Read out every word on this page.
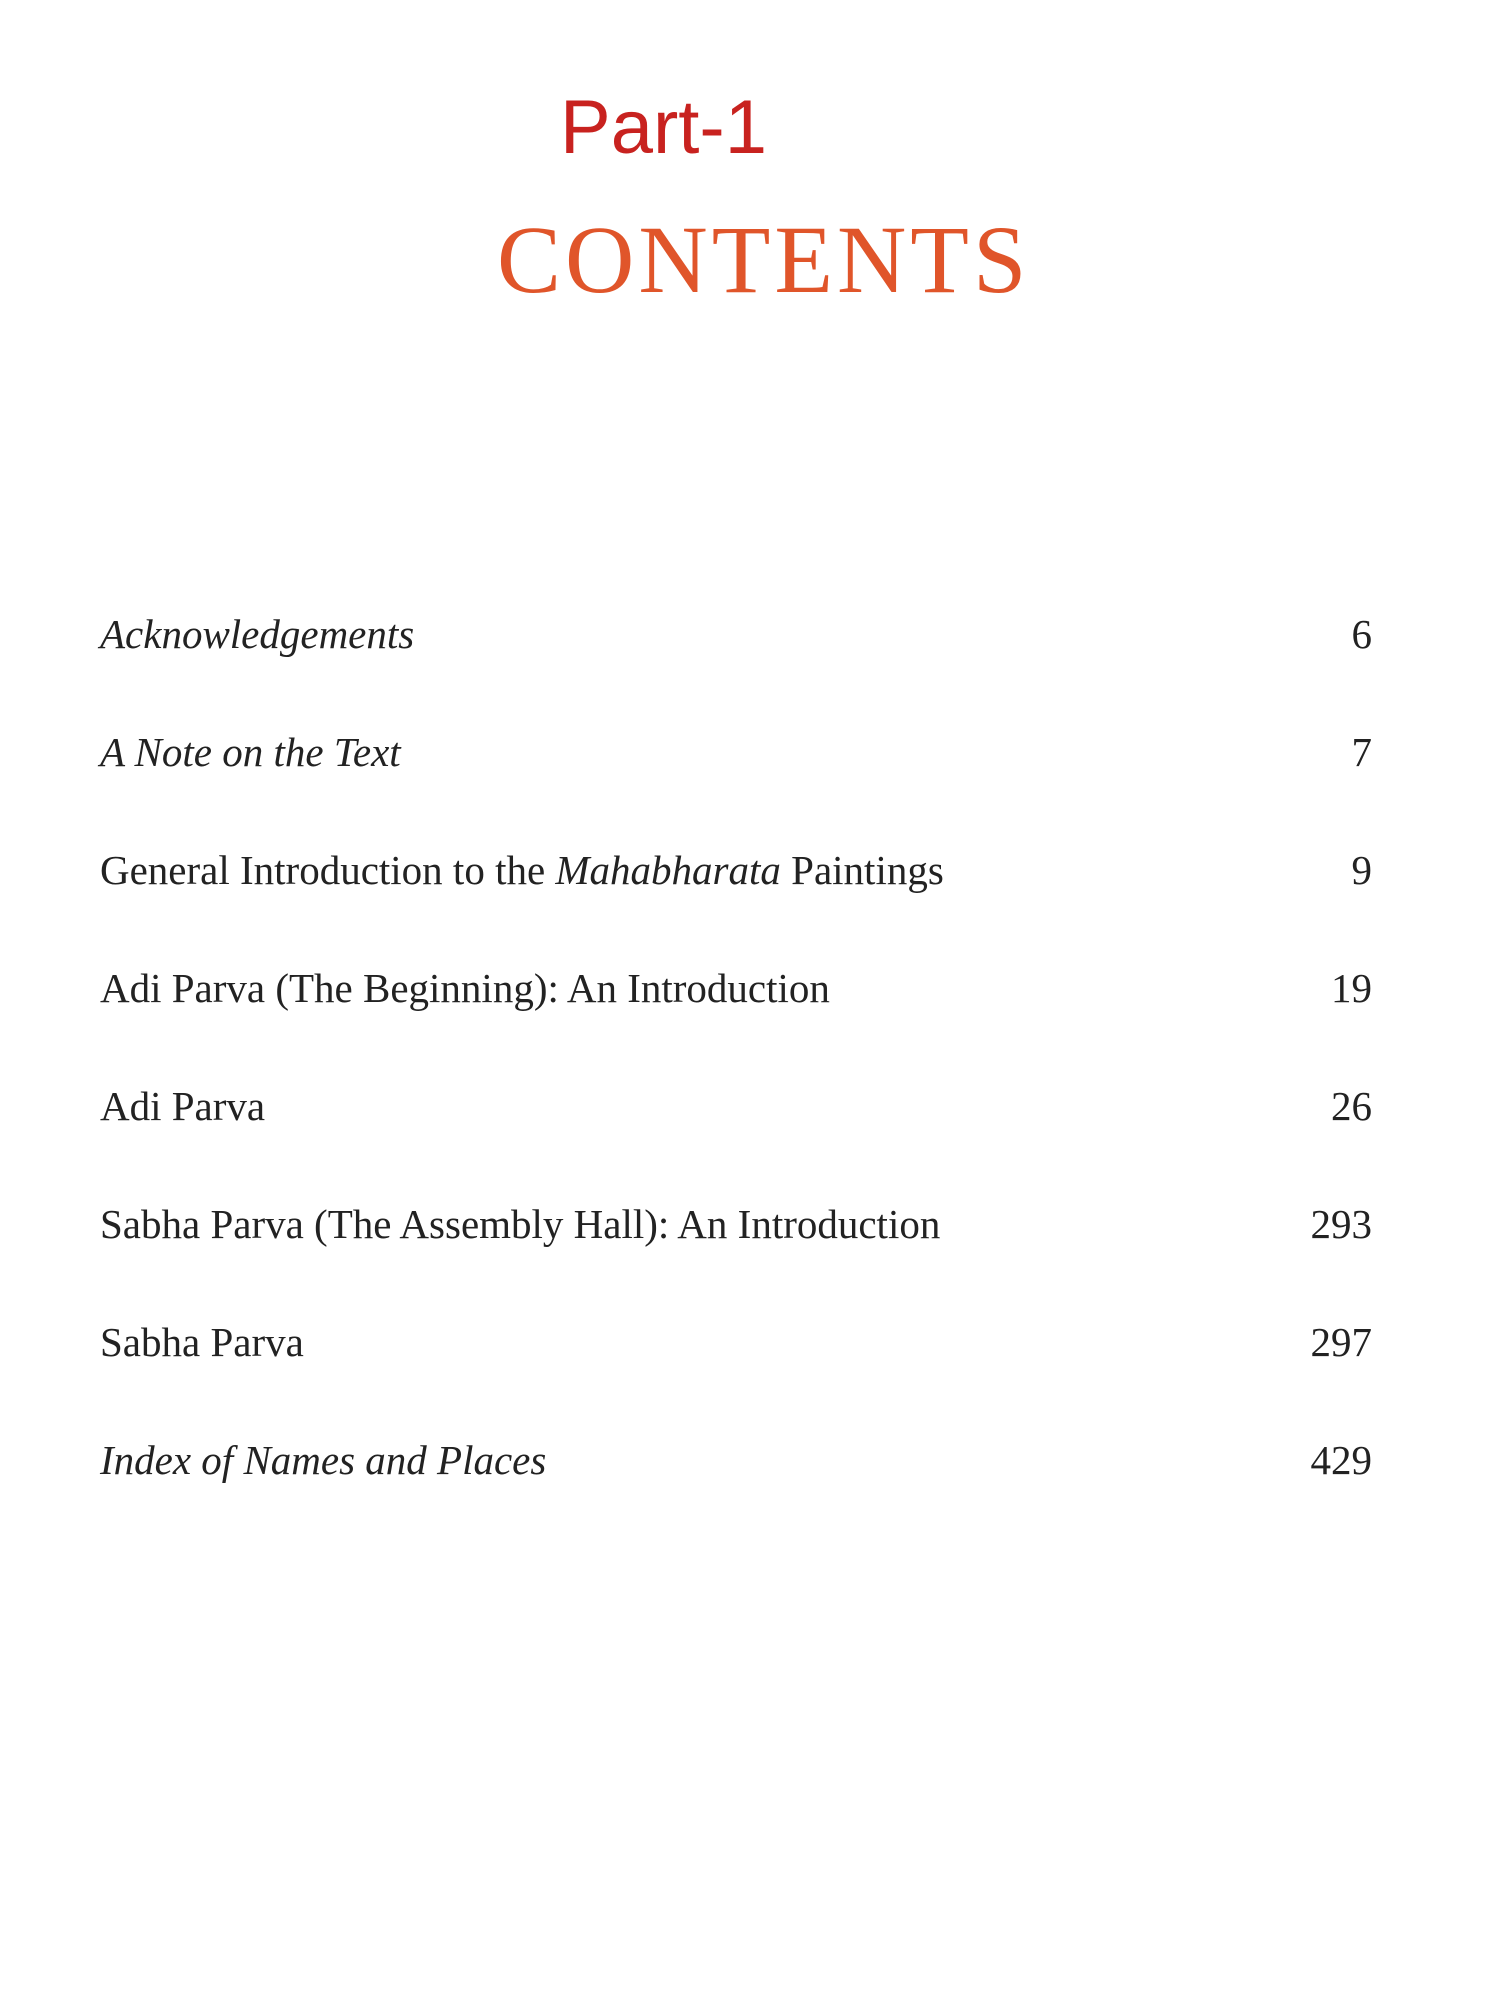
Part-1
CONTENTS
Acknowledgements	6
A Note on the Text	7
General Introduction to the Mahabharata Paintings	9
Adi Parva (The Beginning): An Introduction	19
Adi Parva	26
Sabha Parva (The Assembly Hall): An Introduction	293
Sabha Parva	297
Index of Names and Places	429
